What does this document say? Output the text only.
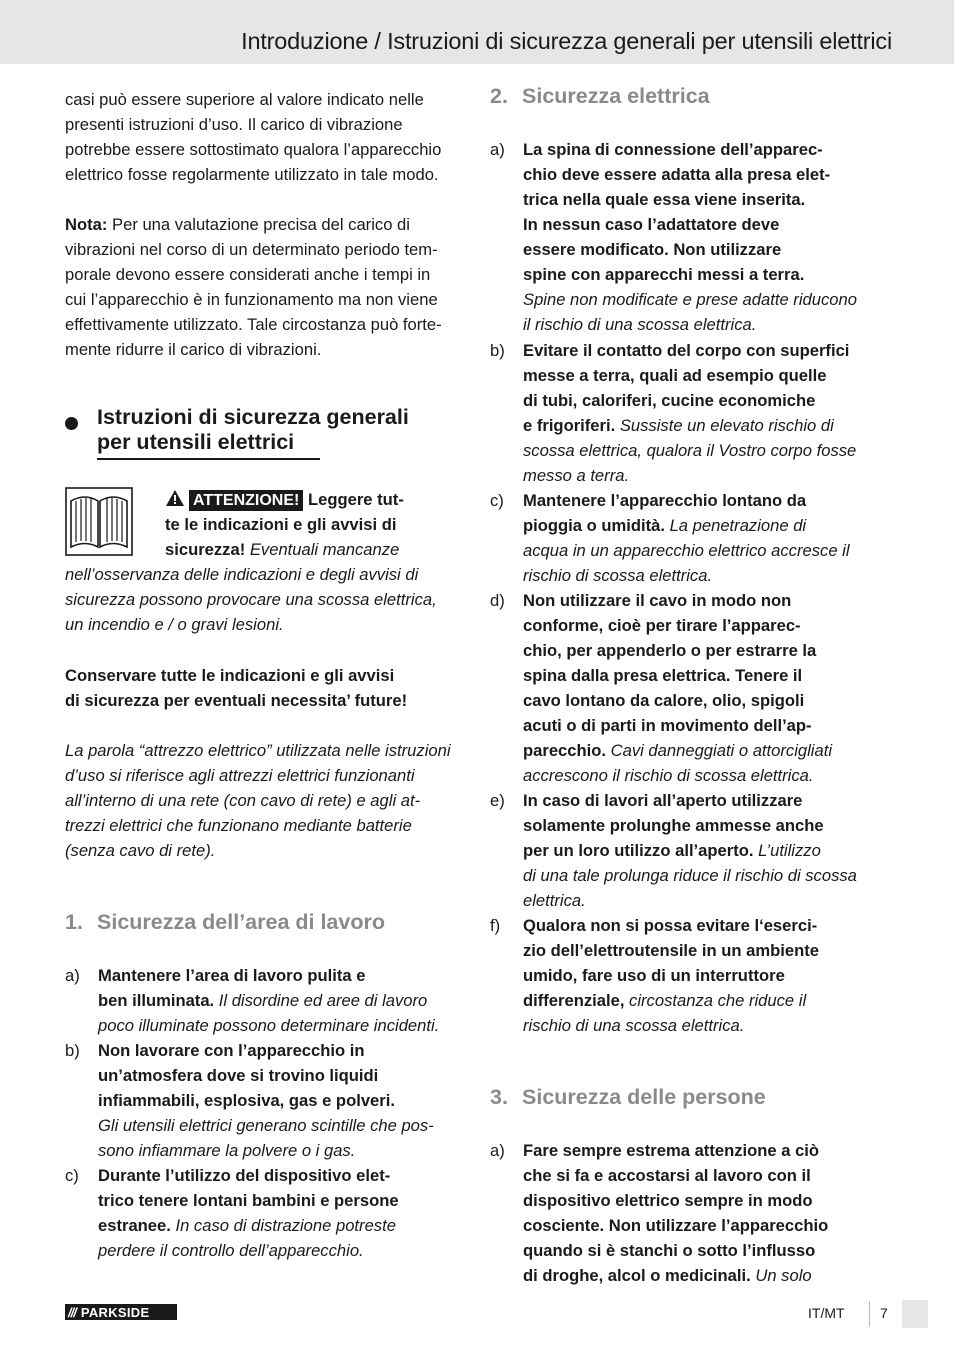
Introduzione / Istruzioni di sicurezza generali per utensili elettrici
casi può essere superiore al valore indicato nelle
presenti istruzioni d’uso. Il carico di vibrazione
potrebbe essere sottostimato qualora l’apparecchio
elettrico fosse regolarmente utilizzato in tale modo.
Nota: Per una valutazione precisa del carico di
vibrazioni nel corso di un determinato periodo tem-
porale devono essere considerati anche i tempi in
cui l’apparecchio è in funzionamento ma non viene
effettivamente utilizzato. Tale circostanza può forte-
mente ridurre il carico di vibrazioni.
Istruzioni di sicurezza generali
per utensili elettrici
ATTENZIONE! Leggere tut-
te le indicazioni e gli avvisi di
sicurezza! Eventuali mancanze
nell’osservanza delle indicazioni e degli avvisi di
sicurezza possono provocare una scossa elettrica,
un incendio e / o gravi lesioni.
Conservare tutte le indicazioni e gli avvisi
di sicurezza per eventuali necessita’ future!
La parola “attrezzo elettrico” utilizzata nelle istruzioni
d’uso si riferisce agli attrezzi elettrici funzionanti
all’interno di una rete (con cavo di rete) e agli at-
trezzi elettrici che funzionano mediante batterie
(senza cavo di rete).
1. Sicurezza dell’area di lavoro
a) Mantenere l’area di lavoro pulita e
ben illuminata. Il disordine ed aree di lavoro
poco illuminate possono determinare incidenti.
b) Non lavorare con l’apparecchio in
un’atmosfera dove si trovino liquidi
infiammabili, esplosiva, gas e polveri.
Gli utensili elettrici generano scintille che pos-
sono infiammare la polvere o i gas.
c) Durante l’utilizzo del dispositivo elet-
trico tenere lontani bambini e persone
estranee. In caso di distrazione potreste
perdere il controllo dell’apparecchio.
2. Sicurezza elettrica
a) La spina di connessione dell’apparec-
chio deve essere adatta alla presa elet-
trica nella quale essa viene inserita.
In nessun caso l’adattatore deve
essere modificato. Non utilizzare
spine con apparecchi messi a terra.
Spine non modificate e prese adatte riducono
il rischio di una scossa elettrica.
b) Evitare il contatto del corpo con superfici
messe a terra, quali ad esempio quelle
di tubi, caloriferi, cucine economiche
e frigoriferi. Sussiste un elevato rischio di
scossa elettrica, qualora il Vostro corpo fosse
messo a terra.
c) Mantenere l’apparecchio lontano da
pioggia o umidità. La penetrazione di
acqua in un apparecchio elettrico accresce il
rischio di scossa elettrica.
d) Non utilizzare il cavo in modo non
conforme, cioè per tirare l’apparec-
chio, per appenderlo o per estrarre la
spina dalla presa elettrica. Tenere il
cavo lontano da calore, olio, spigoli
acuti o di parti in movimento dell’ap-
parecchio. Cavi danneggiati o attorcigliati
accrescono il rischio di scossa elettrica.
e) In caso di lavori all’aperto utilizzare
solamente prolunghe ammesse anche
per un loro utilizzo all’aperto. L’utilizzo
di una tale prolunga riduce il rischio di scossa
elettrica.
f) Qualora non si possa evitare l‘eserci-
zio dell’elettroutensile in un ambiente
umido, fare uso di un interruttore
differenziale, circostanza che riduce il
rischio di una scossa elettrica.
3. Sicurezza delle persone
a) Fare sempre estrema attenzione a ciò
che si fa e accostarsi al lavoro con il
dispositivo elettrico sempre in modo
cosciente. Non utilizzare l’apparecchio
quando si è stanchi o sotto l’influsso
di droghe, alcol o medicinali. Un solo
/// PARKSIDE	IT/MT	7
